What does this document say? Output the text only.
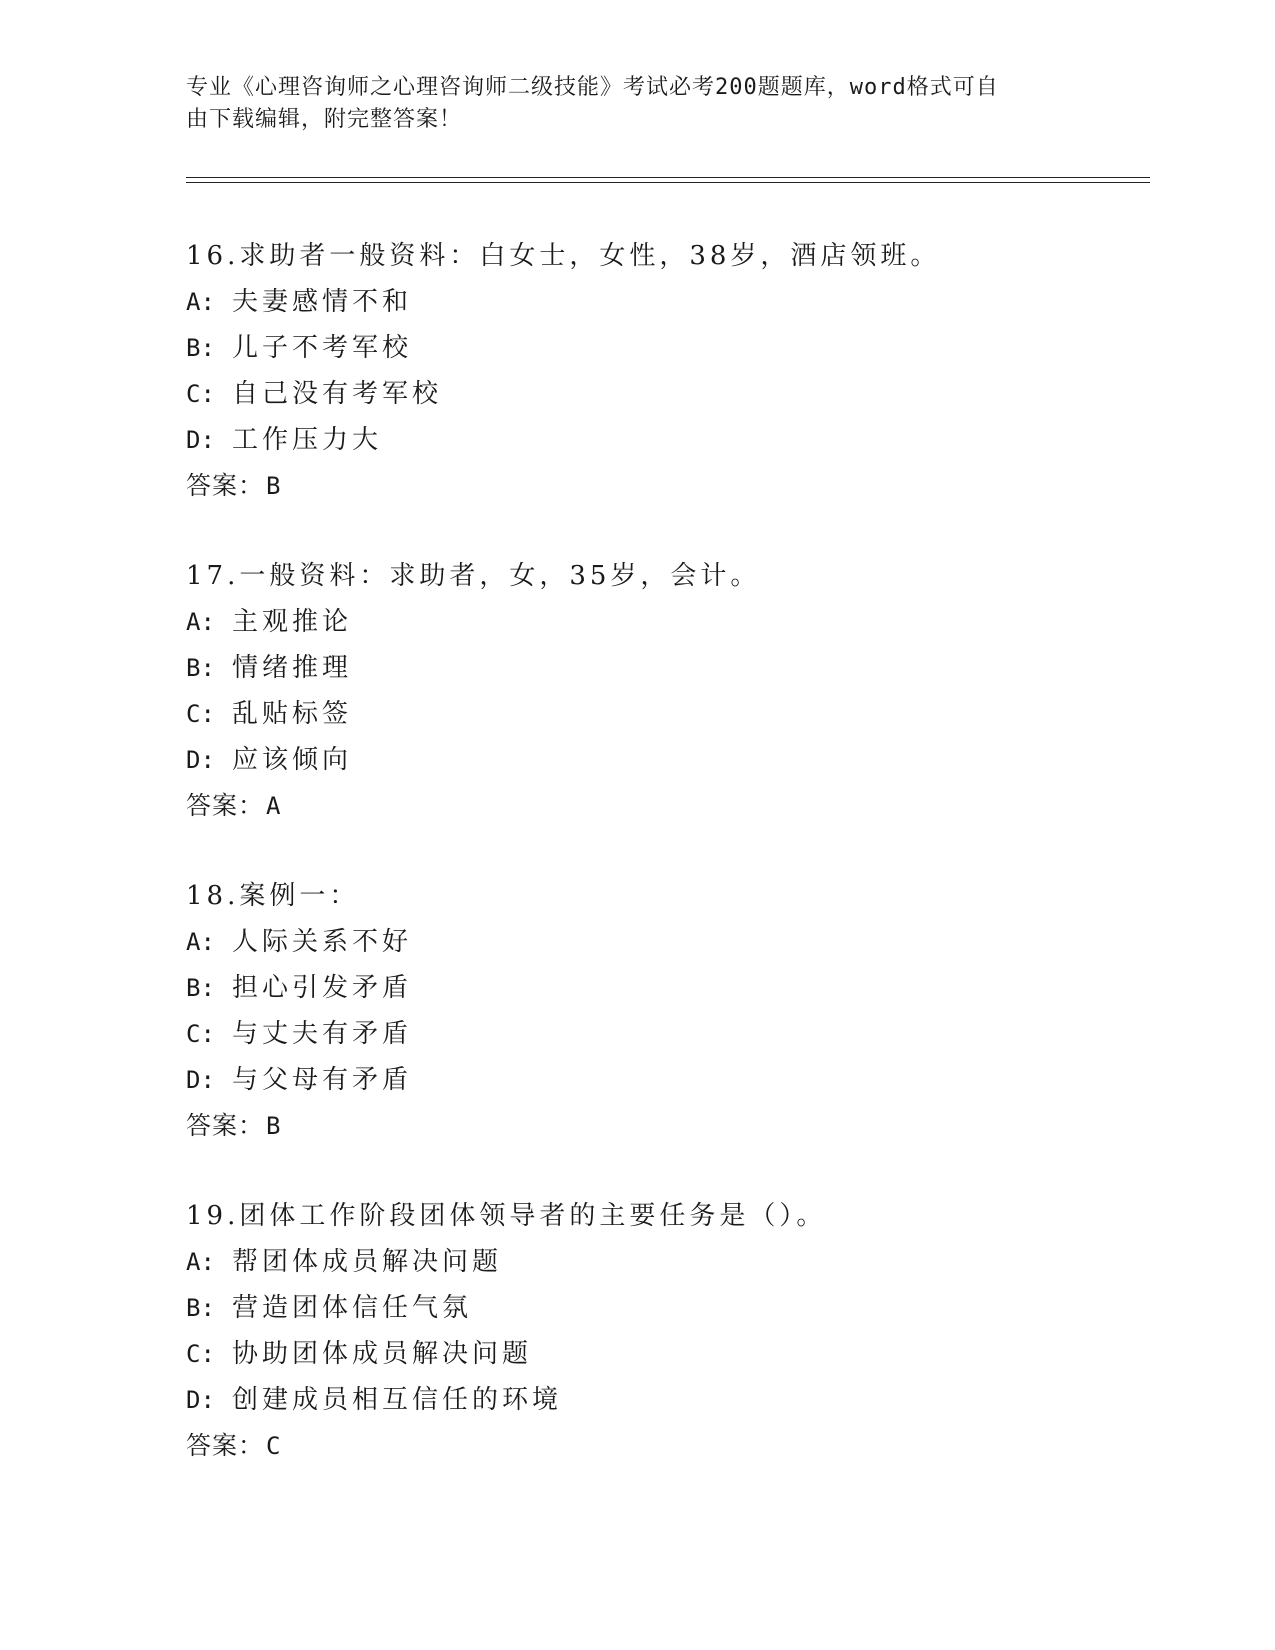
专业《心理咨询师之心理咨询师二级技能》考试必考200题题库，word格式可自
由下载编辑，附完整答案！
16.求助者一般资料：白女士，女性，38岁，酒店领班。
A: 夫妻感情不和
B: 儿子不考军校
C: 自己没有考军校
D: 工作压力大
答案：B
17.一般资料：求助者，女，35岁，会计。
A: 主观推论
B: 情绪推理
C: 乱贴标签
D: 应该倾向
答案：A
18.案例一：
A: 人际关系不好
B: 担心引发矛盾
C: 与丈夫有矛盾
D: 与父母有矛盾
答案：B
19.团体工作阶段团体领导者的主要任务是（）。
A: 帮团体成员解决问题
B: 营造团体信任气氛
C: 协助团体成员解决问题
D: 创建成员相互信任的环境
答案：C
